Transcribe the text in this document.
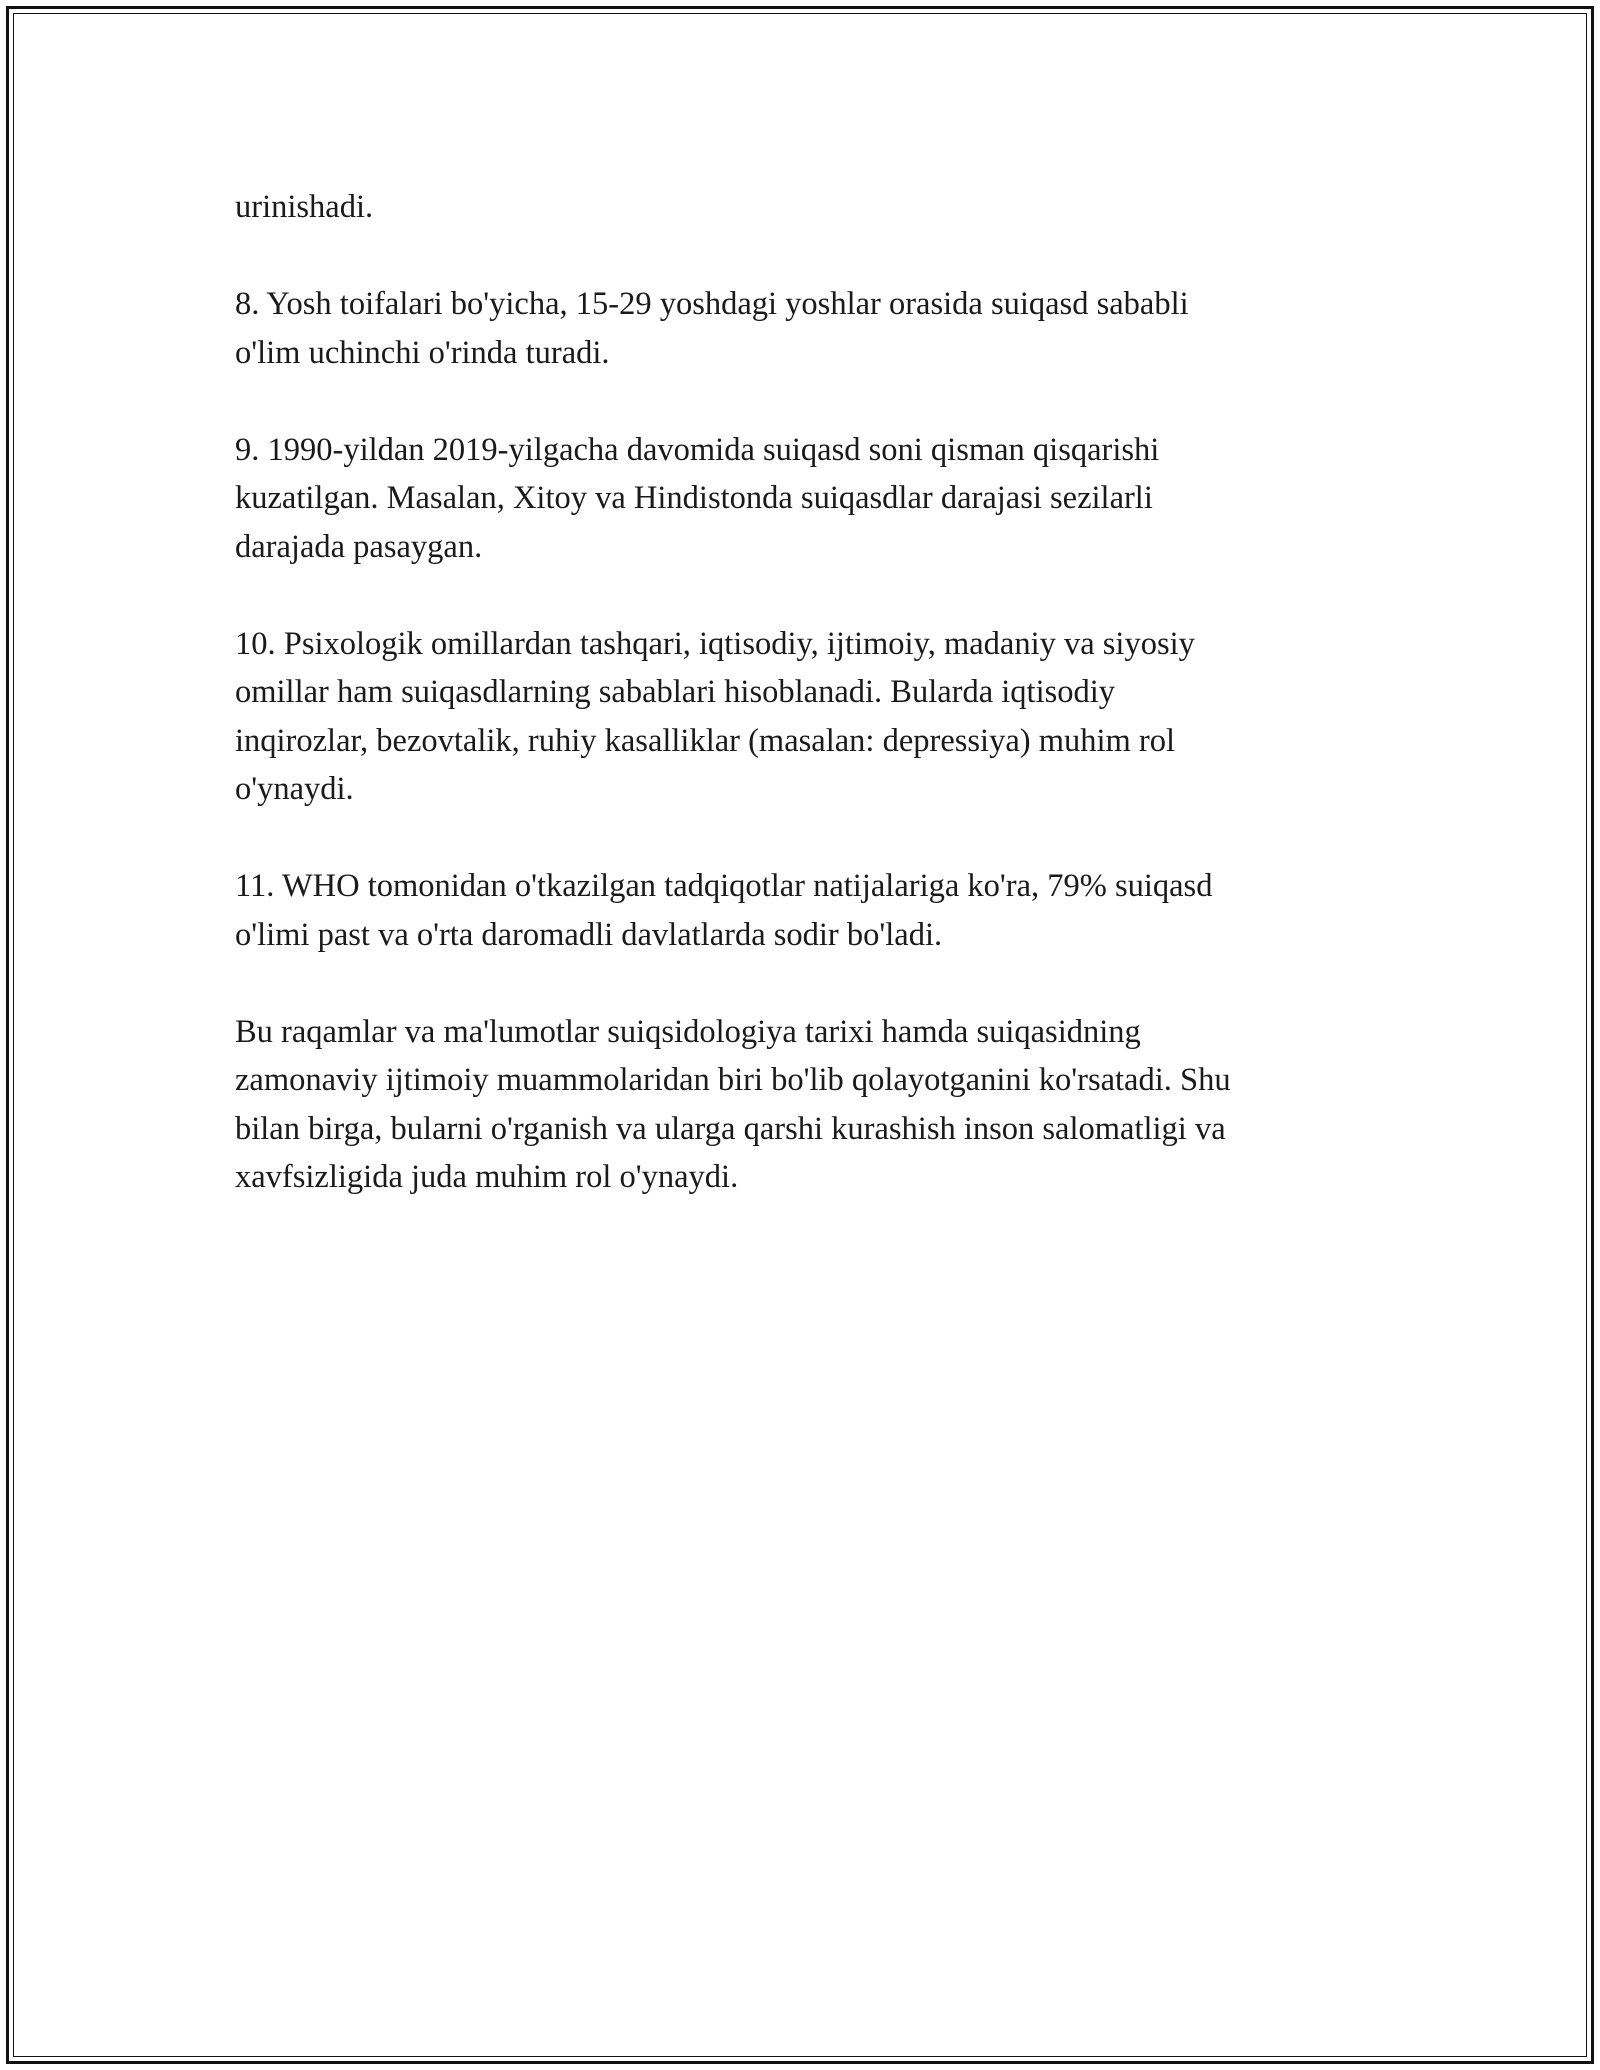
urinishadi.

8. Yosh toifalari bo'yicha, 15-29 yoshdagi yoshlar orasida suiqasd sababli
o'lim uchinchi o'rinda turadi.

9. 1990-yildan 2019-yilgacha davomida suiqasd soni qisman qisqarishi
kuzatilgan. Masalan, Xitoy va Hindistonda suiqasdlar darajasi sezilarli
darajada pasaygan.

10. Psixologik omillardan tashqari, iqtisodiy, ijtimoiy, madaniy va siyosiy
omillar ham suiqasdlarning sabablari hisoblanadi. Bularda iqtisodiy
inqirozlar, bezovtalik, ruhiy kasalliklar (masalan: depressiya) muhim rol
o'ynaydi.

11. WHO tomonidan o'tkazilgan tadqiqotlar natijalariga ko'ra, 79% suiqasd
o'limi past va o'rta daromadli davlatlarda sodir bo'ladi.

Bu raqamlar va ma'lumotlar suiqsidologiya tarixi hamda suiqasidning
zamonaviy ijtimoiy muammolaridan biri bo'lib qolayotganini ko'rsatadi. Shu
bilan birga, bularni o'rganish va ularga qarshi kurashish inson salomatligi va
xavfsizligida juda muhim rol o'ynaydi.
